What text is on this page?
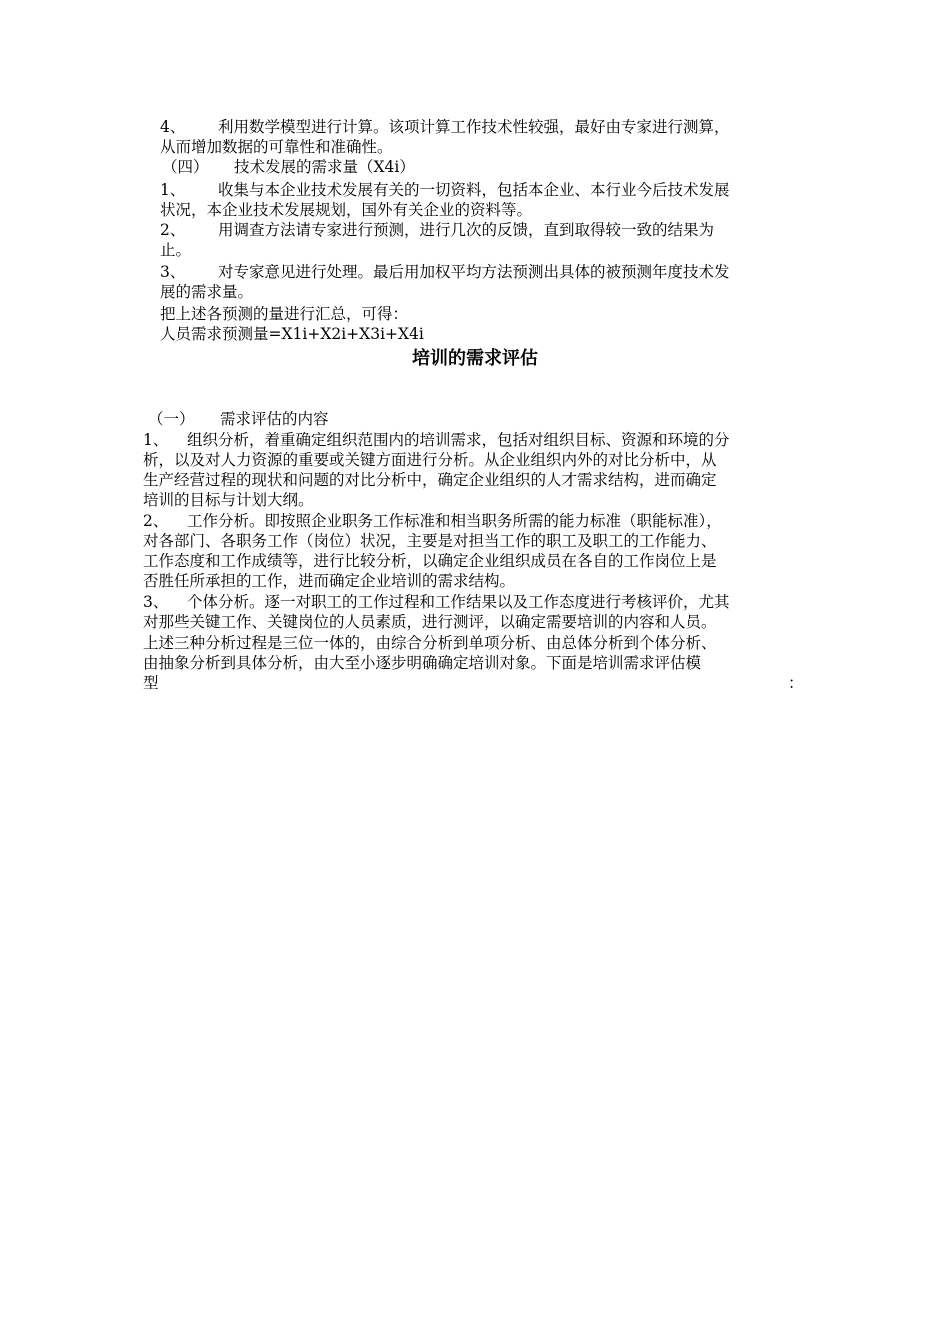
4、 利用数学模型进行计算。该项计算工作技术性较强，最好由专家进行测算，

从而增加数据的可靠性和准确性。

（四） 技术发展的需求量（X4i）

1、 收集与本企业技术发展有关的一切资料，包括本企业、本行业今后技术发展

状况，本企业技术发展规划，国外有关企业的资料等。

2、 用调查方法请专家进行预测，进行几次的反馈，直到取得较一致的结果为

止。

3、 对专家意见进行处理。最后用加权平均方法预测出具体的被预测年度技术发

展的需求量。

把上述各预测的量进行汇总，可得：

人员需求预测量=X1i+X2i+X3i+X4i

培训的需求评估

（一） 需求评估的内容

1、 组织分析，着重确定组织范围内的培训需求，包括对组织目标、资源和环境的分

析，以及对人力资源的重要或关键方面进行分析。从企业组织内外的对比分析中，从

生产经营过程的现状和问题的对比分析中，确定企业组织的人才需求结构，进而确定

培训的目标与计划大纲。

2、 工作分析。即按照企业职务工作标准和相当职务所需的能力标准（职能标准），

对各部门、各职务工作（岗位）状况，主要是对担当工作的职工及职工的工作能力、

工作态度和工作成绩等，进行比较分析，以确定企业组织成员在各自的工作岗位上是

否胜任所承担的工作，进而确定企业培训的需求结构。

3、 个体分析。逐一对职工的工作过程和工作结果以及工作态度进行考核评价，尤其

对那些关键工作、关键岗位的人员素质，进行测评，以确定需要培训的内容和人员。

上述三种分析过程是三位一体的，由综合分析到单项分析、由总体分析到个体分析、

由抽象分析到具体分析，由大至小逐步明确确定培训对象。下面是培训需求评估模

型	：
